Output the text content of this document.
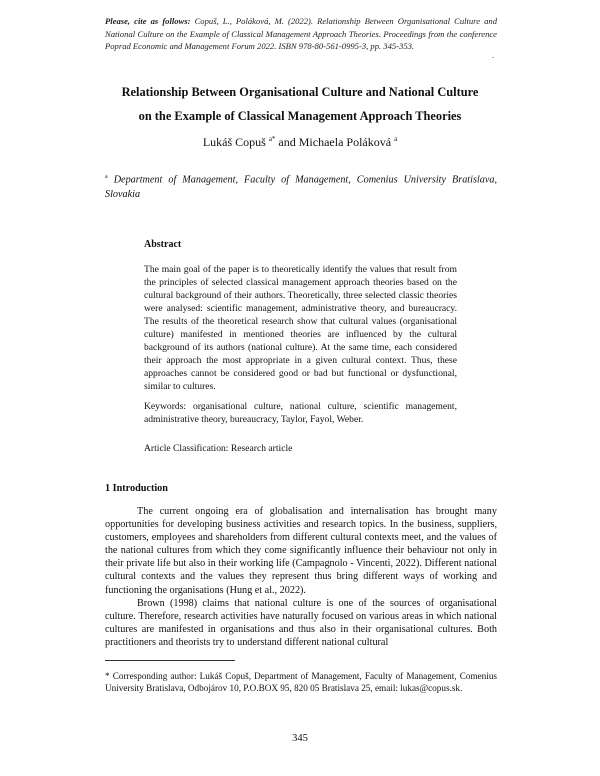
Please, cite as follows: Copuš, L., Poláková, M. (2022). Relationship Between Organisational Culture and National Culture on the Example of Classical Management Approach Theories. Proceedings from the conference Poprad Economic and Management Forum 2022. ISBN 978-80-561-0995-3, pp. 345-353.
.
Relationship Between Organisational Culture and National Culture
on the Example of Classical Management Approach Theories
Lukáš Copuš $^{a*}$ and Michaela Poláková $^a$
$^a$ Department of Management, Faculty of Management, Comenius University Bratislava, Slovakia
Abstract
The main goal of the paper is to theoretically identify the values that result from the principles of selected classical management approach theories based on the cultural background of their authors. Theoretically, three selected classic theories were analysed: scientific management, administrative theory, and bureaucracy. The results of the theoretical research show that cultural values (organisational culture) manifested in mentioned theories are influenced by the cultural background of its authors (national culture). At the same time, each considered their approach the most appropriate in a given cultural context. Thus, these approaches cannot be considered good or bad but functional or dysfunctional, similar to cultures.
Keywords: organisational culture, national culture, scientific management, administrative theory, bureaucracy, Taylor, Fayol, Weber.
Article Classification: Research article
1 Introduction

The current ongoing era of globalisation and internalisation has brought many opportunities for developing business activities and research topics. In the business, suppliers, customers, employees and shareholders from different cultural contexts meet, and the values of the national cultures from which they come significantly influence their behaviour not only in their private life but also in their working life (Campagnolo - Vincenti, 2022). Different national cultural contexts and the values they represent thus bring different ways of working and functioning the organisations (Hung et al., 2022).

Brown (1998) claims that national culture is one of the sources of organisational culture. Therefore, research activities have naturally focused on various areas in which national cultures are manifested in organisations and thus also in their organisational cultures. Both practitioners and theorists try to understand different national cultural

* Corresponding author: Lukáš Copuš, Department of Management, Faculty of Management, Comenius University Bratislava, Odbojárov 10, P.O.BOX 95, 820 05 Bratislava 25, email: lukas@copus.sk.
345
